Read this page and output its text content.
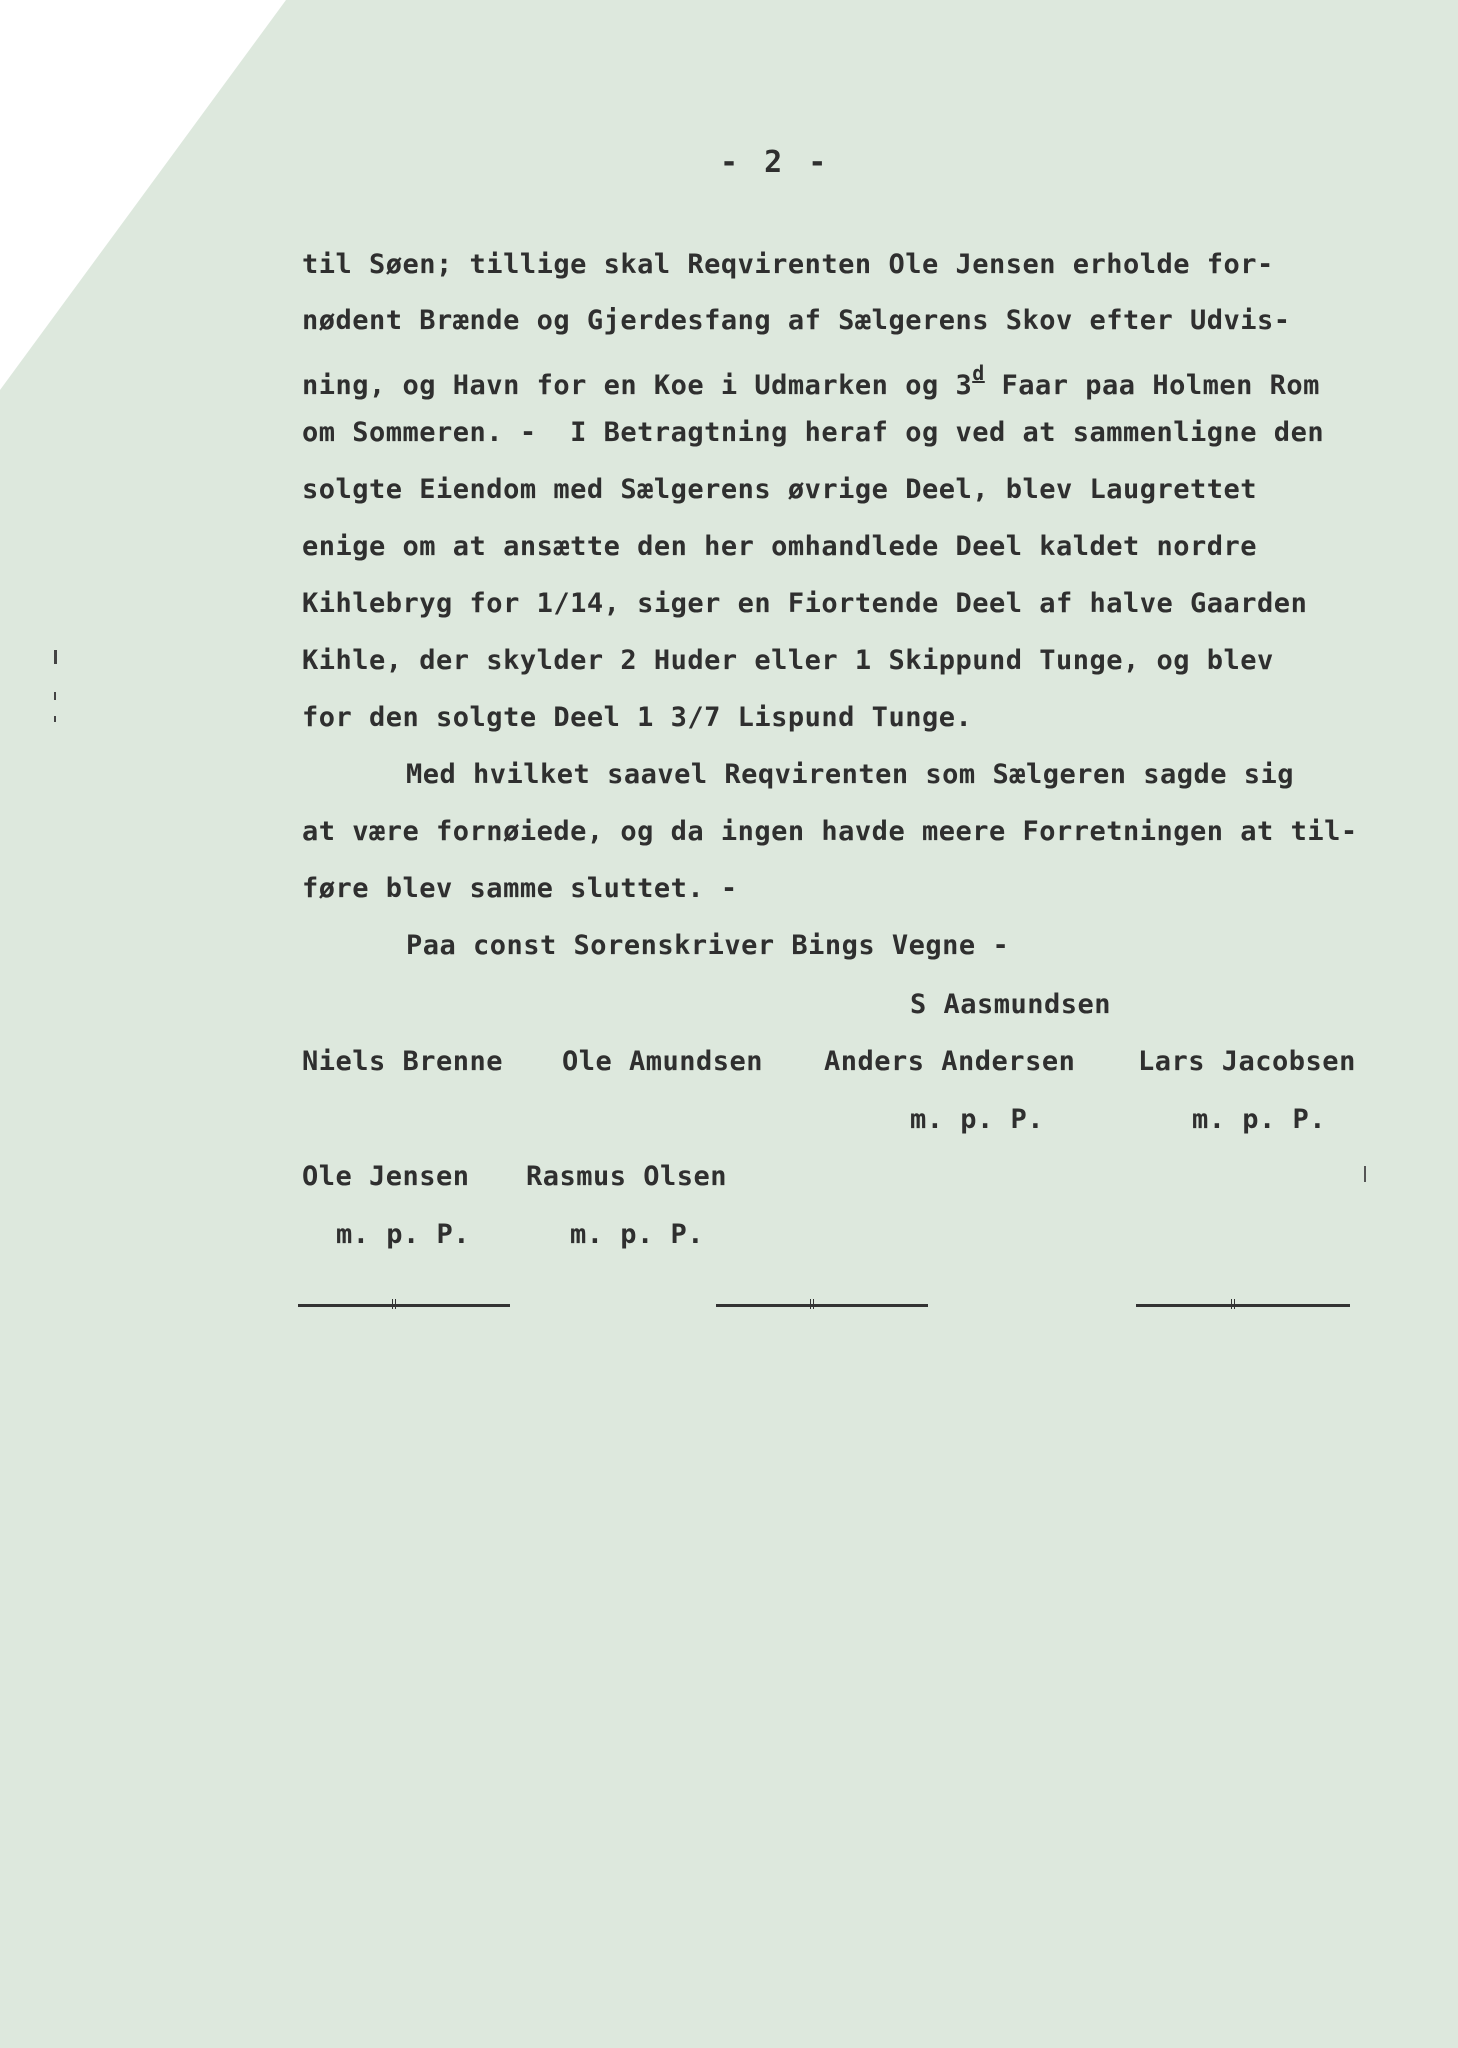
- 2 -
til Søen; tillige skal Reqvirenten Ole Jensen erholde for-
nødent Brænde og Gjerdesfang af Sælgerens Skov efter Udvis-
ning, og Havn for en Koe i Udmarken og 3$^d$ Faar paa Holmen Rom
om Sommeren. -  I Betragtning heraf og ved at sammenligne den
solgte Eiendom med Sælgerens øvrige Deel, blev Laugrettet
enige om at ansætte den her omhandlede Deel kaldet nordre
Kihlebryg for 1/14, siger en Fiortende Deel af halve Gaarden
Kihle, der skylder 2 Huder eller 1 Skippund Tunge, og blev
for den solgte Deel 1 3/7 Lispund Tunge.
Med hvilket saavel Reqvirenten som Sælgeren sagde sig
at være fornøiede, og da ingen havde meere Forretningen at til-
føre blev samme sluttet. -
Paa const Sorenskriver Bings Vegne -
S Aasmundsen
Niels Brenne Ole Amundsen Anders Andersen Lars Jacobsen
m. p. P.	m. p. P.
Ole Jensen Rasmus Olsen
m. p. P.	m. p. P.
